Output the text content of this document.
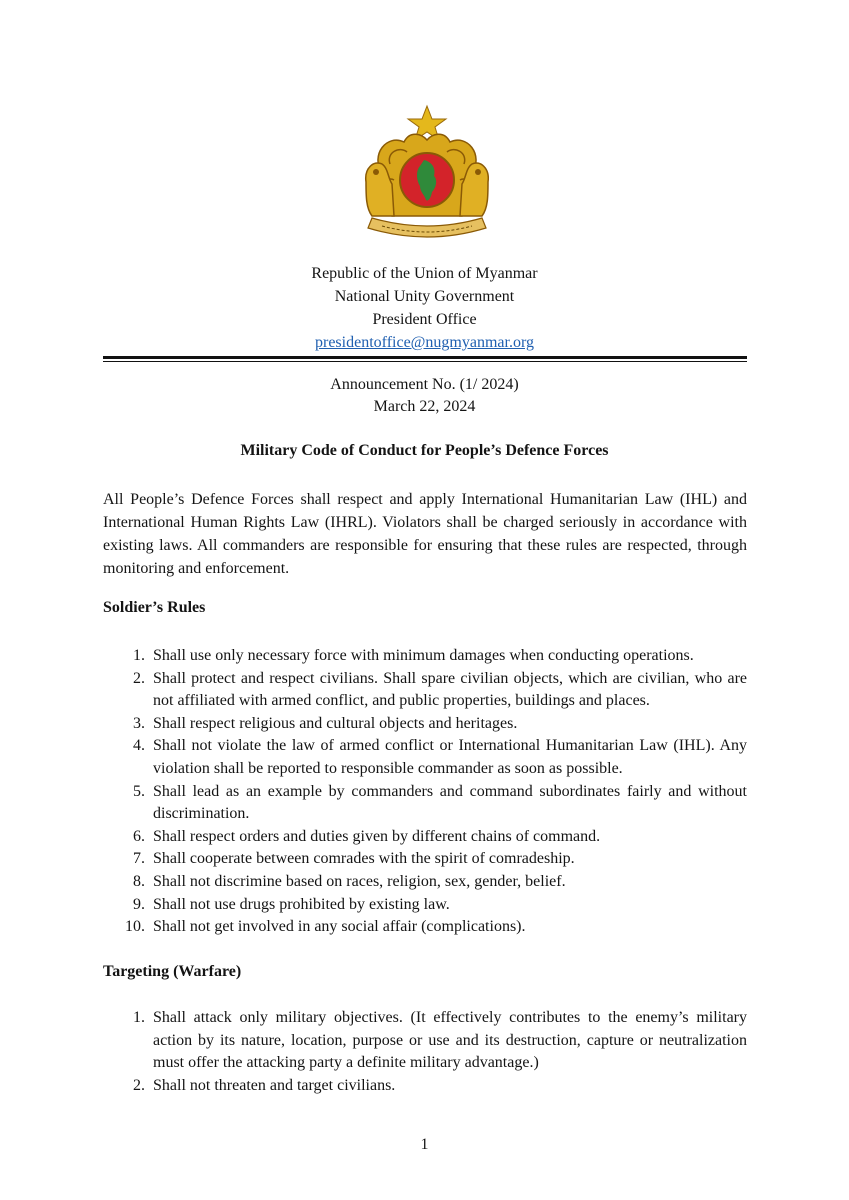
Republic of the Union of Myanmar
National Unity Government
President Office
presidentoffice@nugmyanmar.org
Announcement No. (1/ 2024)
March 22, 2024
Military Code of Conduct for People’s Defence Forces

All People’s Defence Forces shall respect and apply International Humanitarian Law (IHL) and International Human Rights Law (IHRL). Violators shall be charged seriously in accordance with existing laws. All commanders are responsible for ensuring that these rules are respected, through monitoring and enforcement.

Soldier’s Rules
1. Shall use only necessary force with minimum damages when conducting operations.
2. Shall protect and respect civilians. Shall spare civilian objects, which are civilian, who are not affiliated with armed conflict, and public properties, buildings and places.
3. Shall respect religious and cultural objects and heritages.
4. Shall not violate the law of armed conflict or International Humanitarian Law (IHL). Any violation shall be reported to responsible commander as soon as possible.
5. Shall lead as an example by commanders and command subordinates fairly and without discrimination.
6. Shall respect orders and duties given by different chains of command.
7. Shall cooperate between comrades with the spirit of comradeship.
8. Shall not discrimine based on races, religion, sex, gender, belief.
9. Shall not use drugs prohibited by existing law.
10. Shall not get involved in any social affair (complications).
Targeting (Warfare)
1. Shall attack only military objectives. (It effectively contributes to the enemy’s military action by its nature, location, purpose or use and its destruction, capture or neutralization must offer the attacking party a definite military advantage.)
2. Shall not threaten and target civilians.
1
